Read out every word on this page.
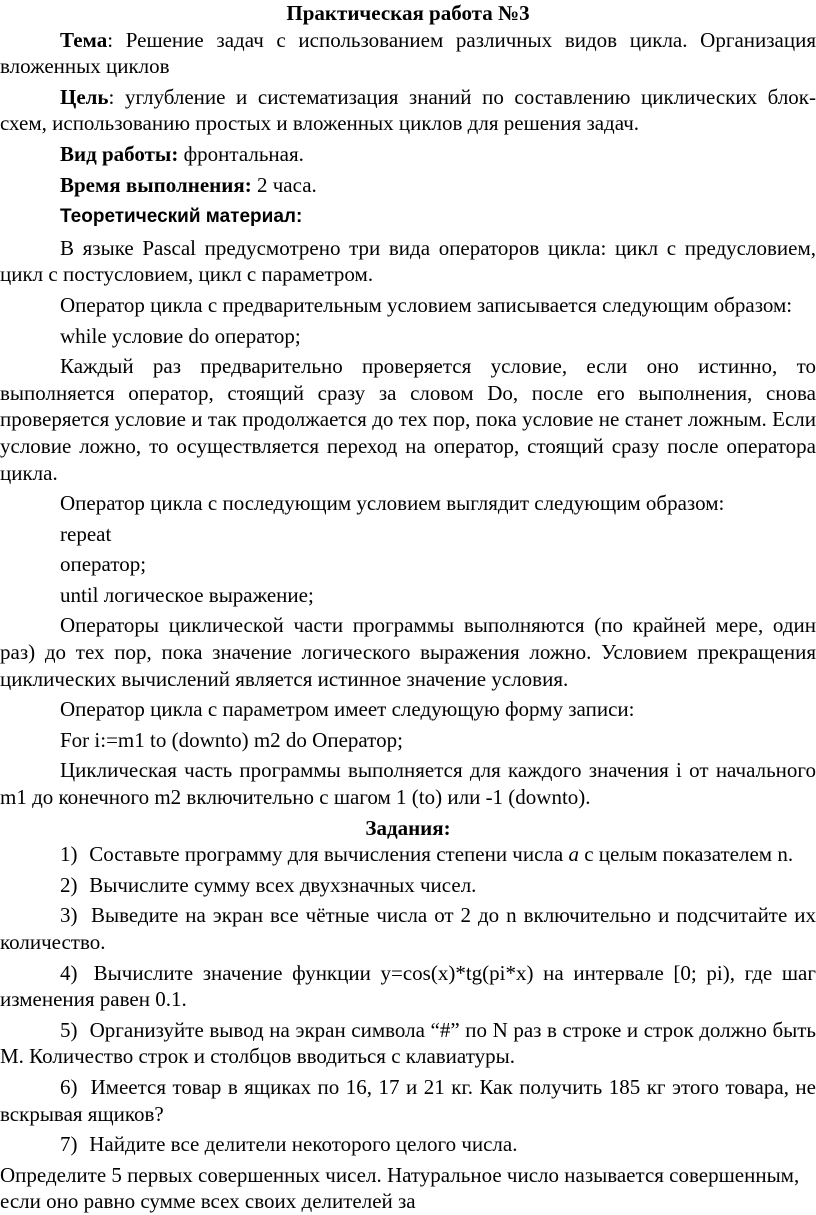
Практическая работа №3

Тема: Решение задач с использованием различных видов цикла. Организация вложенных циклов

Цель: углубление и систематизация знаний по составлению циклических блок-схем, использованию простых и вложенных циклов для решения задач.

Вид работы: фронтальная.

Время выполнения: 2 часа.

Теоретический материал:

В языке Pascal предусмотрено три вида операторов цикла: цикл с предусловием, цикл с постусловием, цикл с параметром.

Оператор цикла с предварительным условием записывается следующим образом:

while условие do оператор;

Каждый раз предварительно проверяется условие, если оно истинно, то выполняется оператор, стоящий сразу за словом Do, после его выполнения, снова проверяется условие и так продолжается до тех пор, пока условие не станет ложным. Если условие ложно, то осуществляется переход на оператор, стоящий сразу после оператора цикла.

Оператор цикла с последующим условием выглядит следующим образом:

repeat

оператор;

until логическое выражение;

Операторы циклической части программы выполняются (по крайней мере, один раз) до тех пор, пока значение логического выражения ложно. Условием прекращения циклических вычислений является истинное значение условия.

Оператор цикла с параметром имеет следующую форму записи:

For i:=m1 to (downto) m2 do Оператор;

Циклическая часть программы выполняется для каждого значения i от начального m1 до конечного m2 включительно с шагом 1 (to) или -1 (downto).

Задания:

1) Составьте программу для вычисления степени числа a с целым показателем n.

2) Вычислите сумму всех двухзначных чисел.

3) Выведите на экран все чётные числа от 2 до n включительно и подсчитайте их количество.

4) Вычислите значение функции y=cos(x)*tg(pi*x) на интервале [0; pi), где шаг изменения равен 0.1.

5) Организуйте вывод на экран символа “#” по N раз в строке и строк должно быть M. Количество строк и столбцов вводиться с клавиатуры.

6) Имеется товар в ящиках по 16, 17 и 21 кг. Как получить 185 кг этого товара, не вскрывая ящиков?

7) Найдите все делители некоторого целого числа.

Определите 5 первых совершенных чисел. Натуральное число называется совершенным, если оно равно сумме всех своих делителей за
